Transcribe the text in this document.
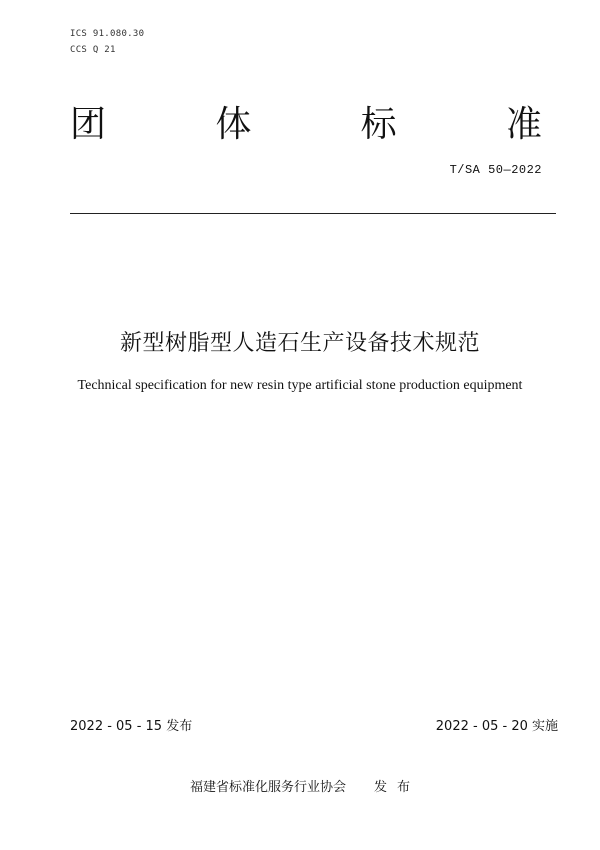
ICS 91.080.30
CCS Q 21
团	体	标	准
T/SA 50—2022
新型树脂型人造石生产设备技术规范
Technical specification for new resin type artificial stone production equipment
2022 - 05 - 15 发布	2022 - 05 - 20 实施
福建省标准化服务行业协会 发布
